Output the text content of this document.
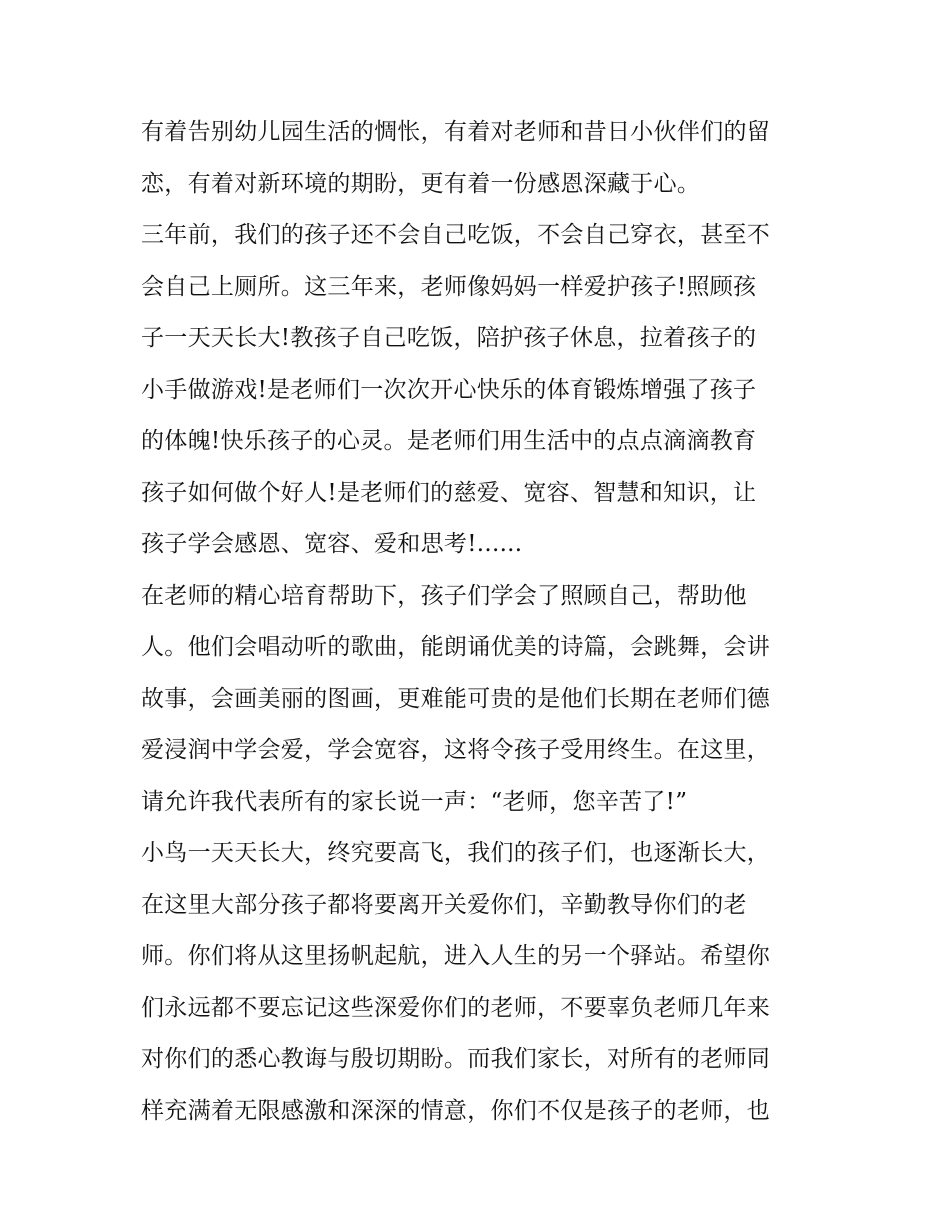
有着告别幼儿园生活的惆怅，有着对老师和昔日小伙伴们的留
恋，有着对新环境的期盼，更有着一份感恩深藏于心。

三年前，我们的孩子还不会自己吃饭，不会自己穿衣，甚至不
会自己上厕所。这三年来，老师像妈妈一样爱护孩子!照顾孩
子一天天长大!教孩子自己吃饭，陪护孩子休息，拉着孩子的
小手做游戏!是老师们一次次开心快乐的体育锻炼增强了孩子
的体魄!快乐孩子的心灵。是老师们用生活中的点点滴滴教育
孩子如何做个好人!是老师们的慈爱、宽容、智慧和知识，让
孩子学会感恩、宽容、爱和思考!......

在老师的精心培育帮助下，孩子们学会了照顾自己，帮助他
人。他们会唱动听的歌曲，能朗诵优美的诗篇，会跳舞，会讲
故事，会画美丽的图画，更难能可贵的是他们长期在老师们德
爱浸润中学会爱，学会宽容，这将令孩子受用终生。在这里，
请允许我代表所有的家长说一声：“老师，您辛苦了!”

小鸟一天天长大，终究要高飞，我们的孩子们，也逐渐长大，
在这里大部分孩子都将要离开关爱你们，辛勤教导你们的老
师。你们将从这里扬帆起航，进入人生的另一个驿站。希望你
们永远都不要忘记这些深爱你们的老师，不要辜负老师几年来
对你们的悉心教诲与殷切期盼。而我们家长，对所有的老师同
样充满着无限感激和深深的情意，你们不仅是孩子的老师，也
